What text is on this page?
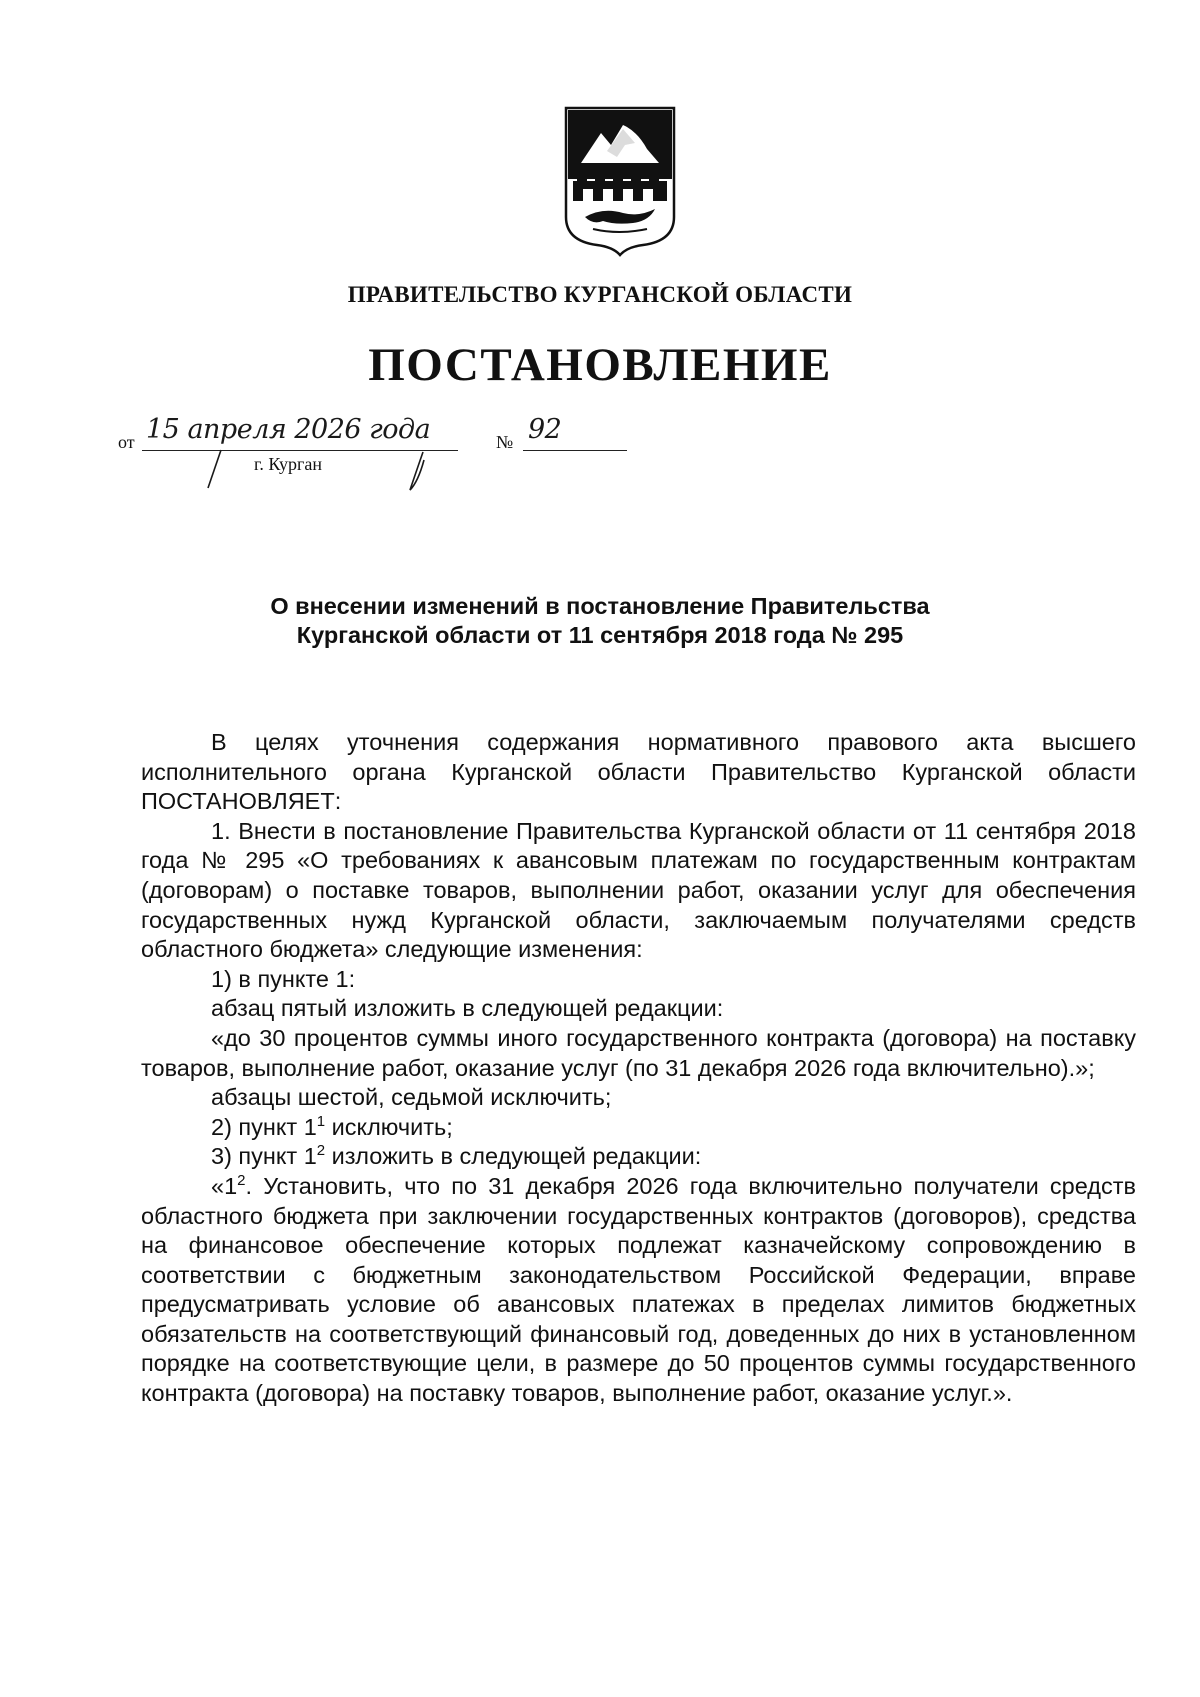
ПРАВИТЕЛЬСТВО КУРГАНСКОЙ ОБЛАСТИ
ПОСТАНОВЛЕНИЕ
от 15 апреля 2026 года	№ 92
г. Курган
О внесении изменений в постановление Правительства
Курганской области от 11 сентября 2018 года № 295

В целях уточнения содержания нормативного правового акта высшего исполнительного органа Курганской области Правительство Курганской области ПОСТАНОВЛЯЕТ:

1. Внести в постановление Правительства Курганской области от 11 сентября 2018 года № 295 «О требованиях к авансовым платежам по государственным контрактам (договорам) о поставке товаров, выполнении работ, оказании услуг для обеспечения государственных нужд Курганской области, заключаемым получателями средств областного бюджета» следующие изменения:

1) в пункте 1:

абзац пятый изложить в следующей редакции:

«до 30 процентов суммы иного государственного контракта (договора) на поставку товаров, выполнение работ, оказание услуг (по 31 декабря 2026 года включительно).»;

абзацы шестой, седьмой исключить;

2) пункт $1^1$ исключить;

3) пункт $1^2$ изложить в следующей редакции:

«$1^2$. Установить, что по 31 декабря 2026 года включительно получатели средств областного бюджета при заключении государственных контрактов (договоров), средства на финансовое обеспечение которых подлежат казначейскому сопровождению в соответствии с бюджетным законодательством Российской Федерации, вправе предусматривать условие об авансовых платежах в пределах лимитов бюджетных обязательств на соответствующий финансовый год, доведенных до них в установленном порядке на соответствующие цели, в размере до 50 процентов суммы государственного контракта (договора) на поставку товаров, выполнение работ, оказание услуг.».
